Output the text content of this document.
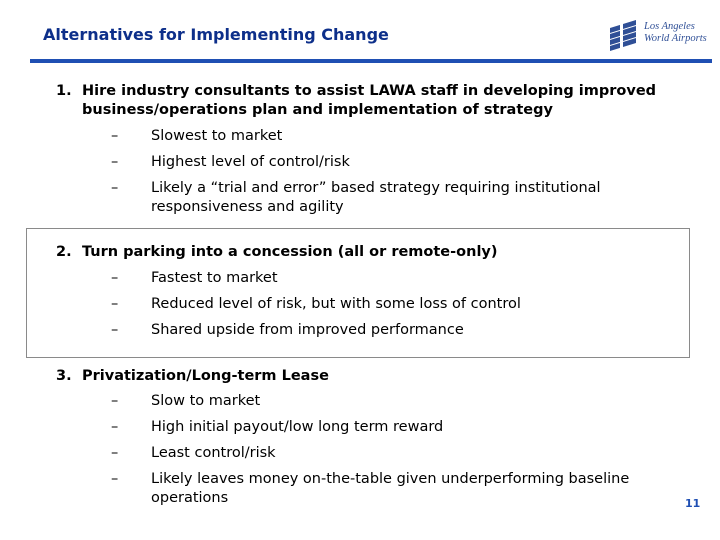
Alternatives for Implementing Change	Los Angeles
World Airports
1. Hire industry consultants to assist LAWA staff in developing improved business/operations plan and implementation of strategy
– Slowest to market
– Highest level of control/risk
– Likely a “trial and error” based strategy requiring institutional responsiveness and agility
2. Turn parking into a concession (all or remote-only)
– Fastest to market
– Reduced level of risk, but with some loss of control
– Shared upside from improved performance
3. Privatization/Long-term Lease
– Slow to market
– High initial payout/low long term reward
– Least control/risk
– Likely leaves money on-the-table given underperforming baseline operations	11
